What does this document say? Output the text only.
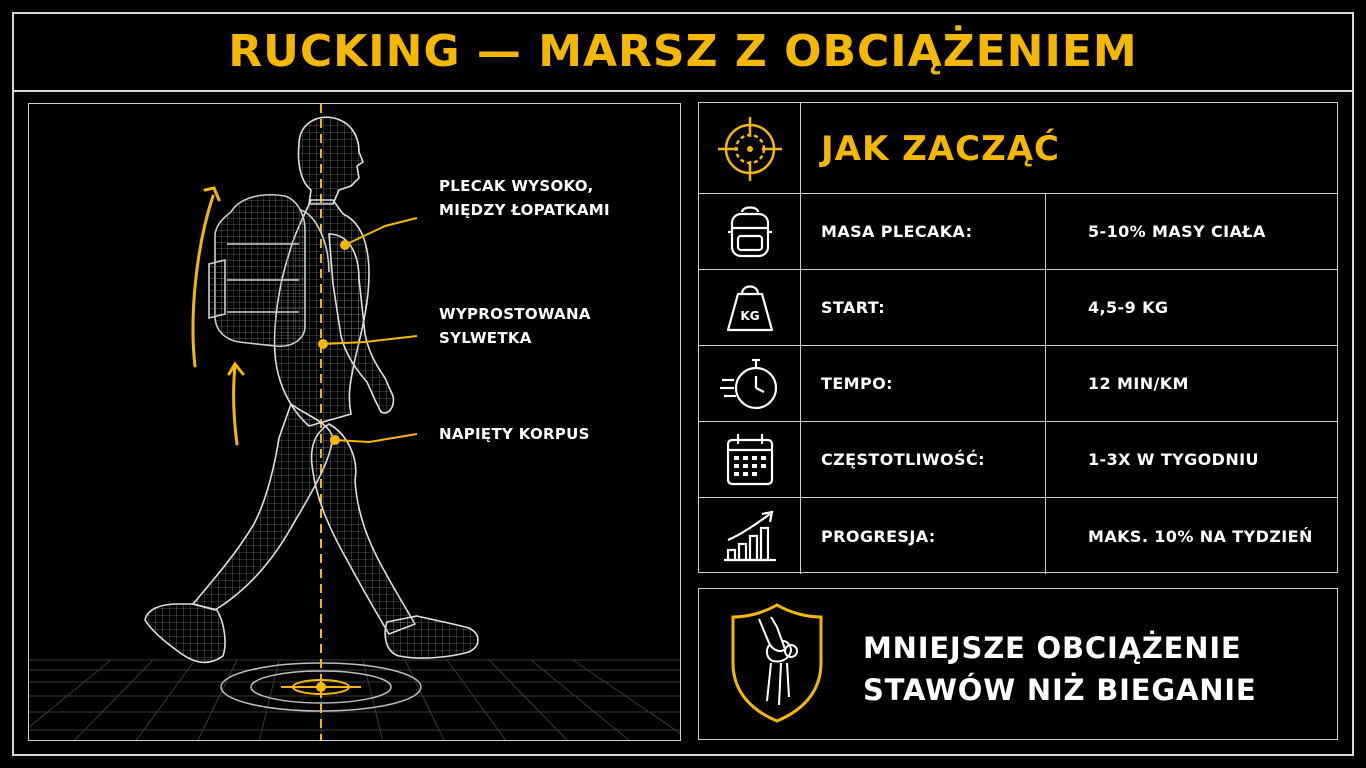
RUCKING — MARSZ Z OBCIĄŻENIEM
PLECAK WYSOKO,
MIĘDZY ŁOPATKAMI
WYPROSTOWANA
SYLWETKA
NAPIĘTY KORPUS
JAK ZACZĄĆ
MASA PLECAKA:	5-10% MASY CIAŁA
KG	START:	4,5-9 KG
TEMPO:	12 MIN/KM
CZĘSTOTLIWOŚĆ:	1-3X W TYGODNIU
PROGRESJA:	MAKS. 10% NA TYDZIEŃ
MNIEJSZE OBCIĄŻENIE
STAWÓW NIŻ BIEGANIE
